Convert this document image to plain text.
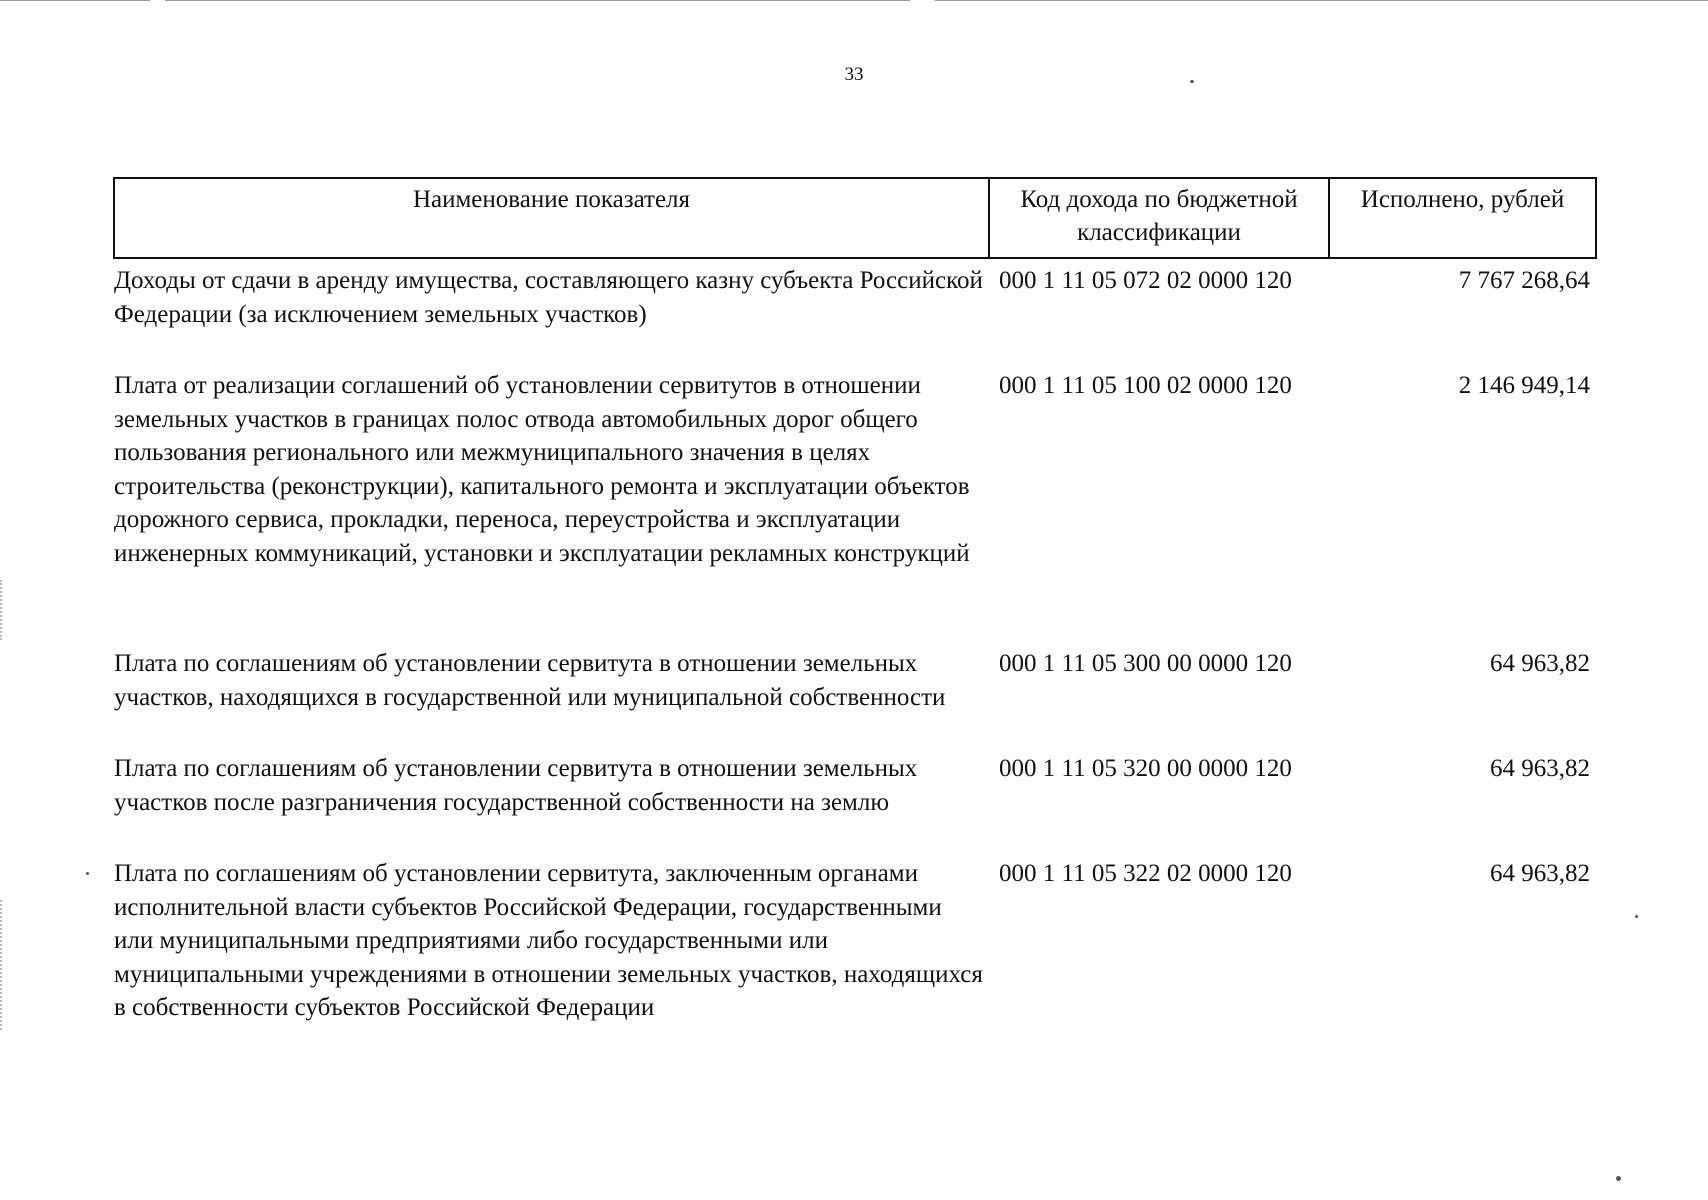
33
Наименование показателя	Код дохода по бюджетной классификации	Исполнено, рублей
Доходы от сдачи в аренду имущества, составляющего казну субъекта Российской Федерации (за исключением земельных участков)	000 1 11 05 072 02 0000 120	7 767 268,64
Плата от реализации соглашений об установлении сервитутов в отношении земельных участков в границах полос отвода автомобильных дорог общего пользования регионального или межмуниципального значения в целях строительства (реконструкции), капитального ремонта и эксплуатации объектов дорожного сервиса, прокладки, переноса, переустройства и эксплуатации инженерных коммуникаций, установки и эксплуатации рекламных конструкций	000 1 11 05 100 02 0000 120	2 146 949,14
Плата по соглашениям об установлении сервитута в отношении земельных участков, находящихся в государственной или муниципальной собственности	000 1 11 05 300 00 0000 120	64 963,82
Плата по соглашениям об установлении сервитута в отношении земельных участков после разграничения государственной собственности на землю	000 1 11 05 320 00 0000 120	64 963,82
Плата по соглашениям об установлении сервитута, заключенным органами исполнительной власти субъектов Российской Федерации, государственными или муниципальными предприятиями либо государственными или муниципальными учреждениями в отношении земельных участков, находящихся в собственности субъектов Российской Федерации	000 1 11 05 322 02 0000 120	64 963,82
